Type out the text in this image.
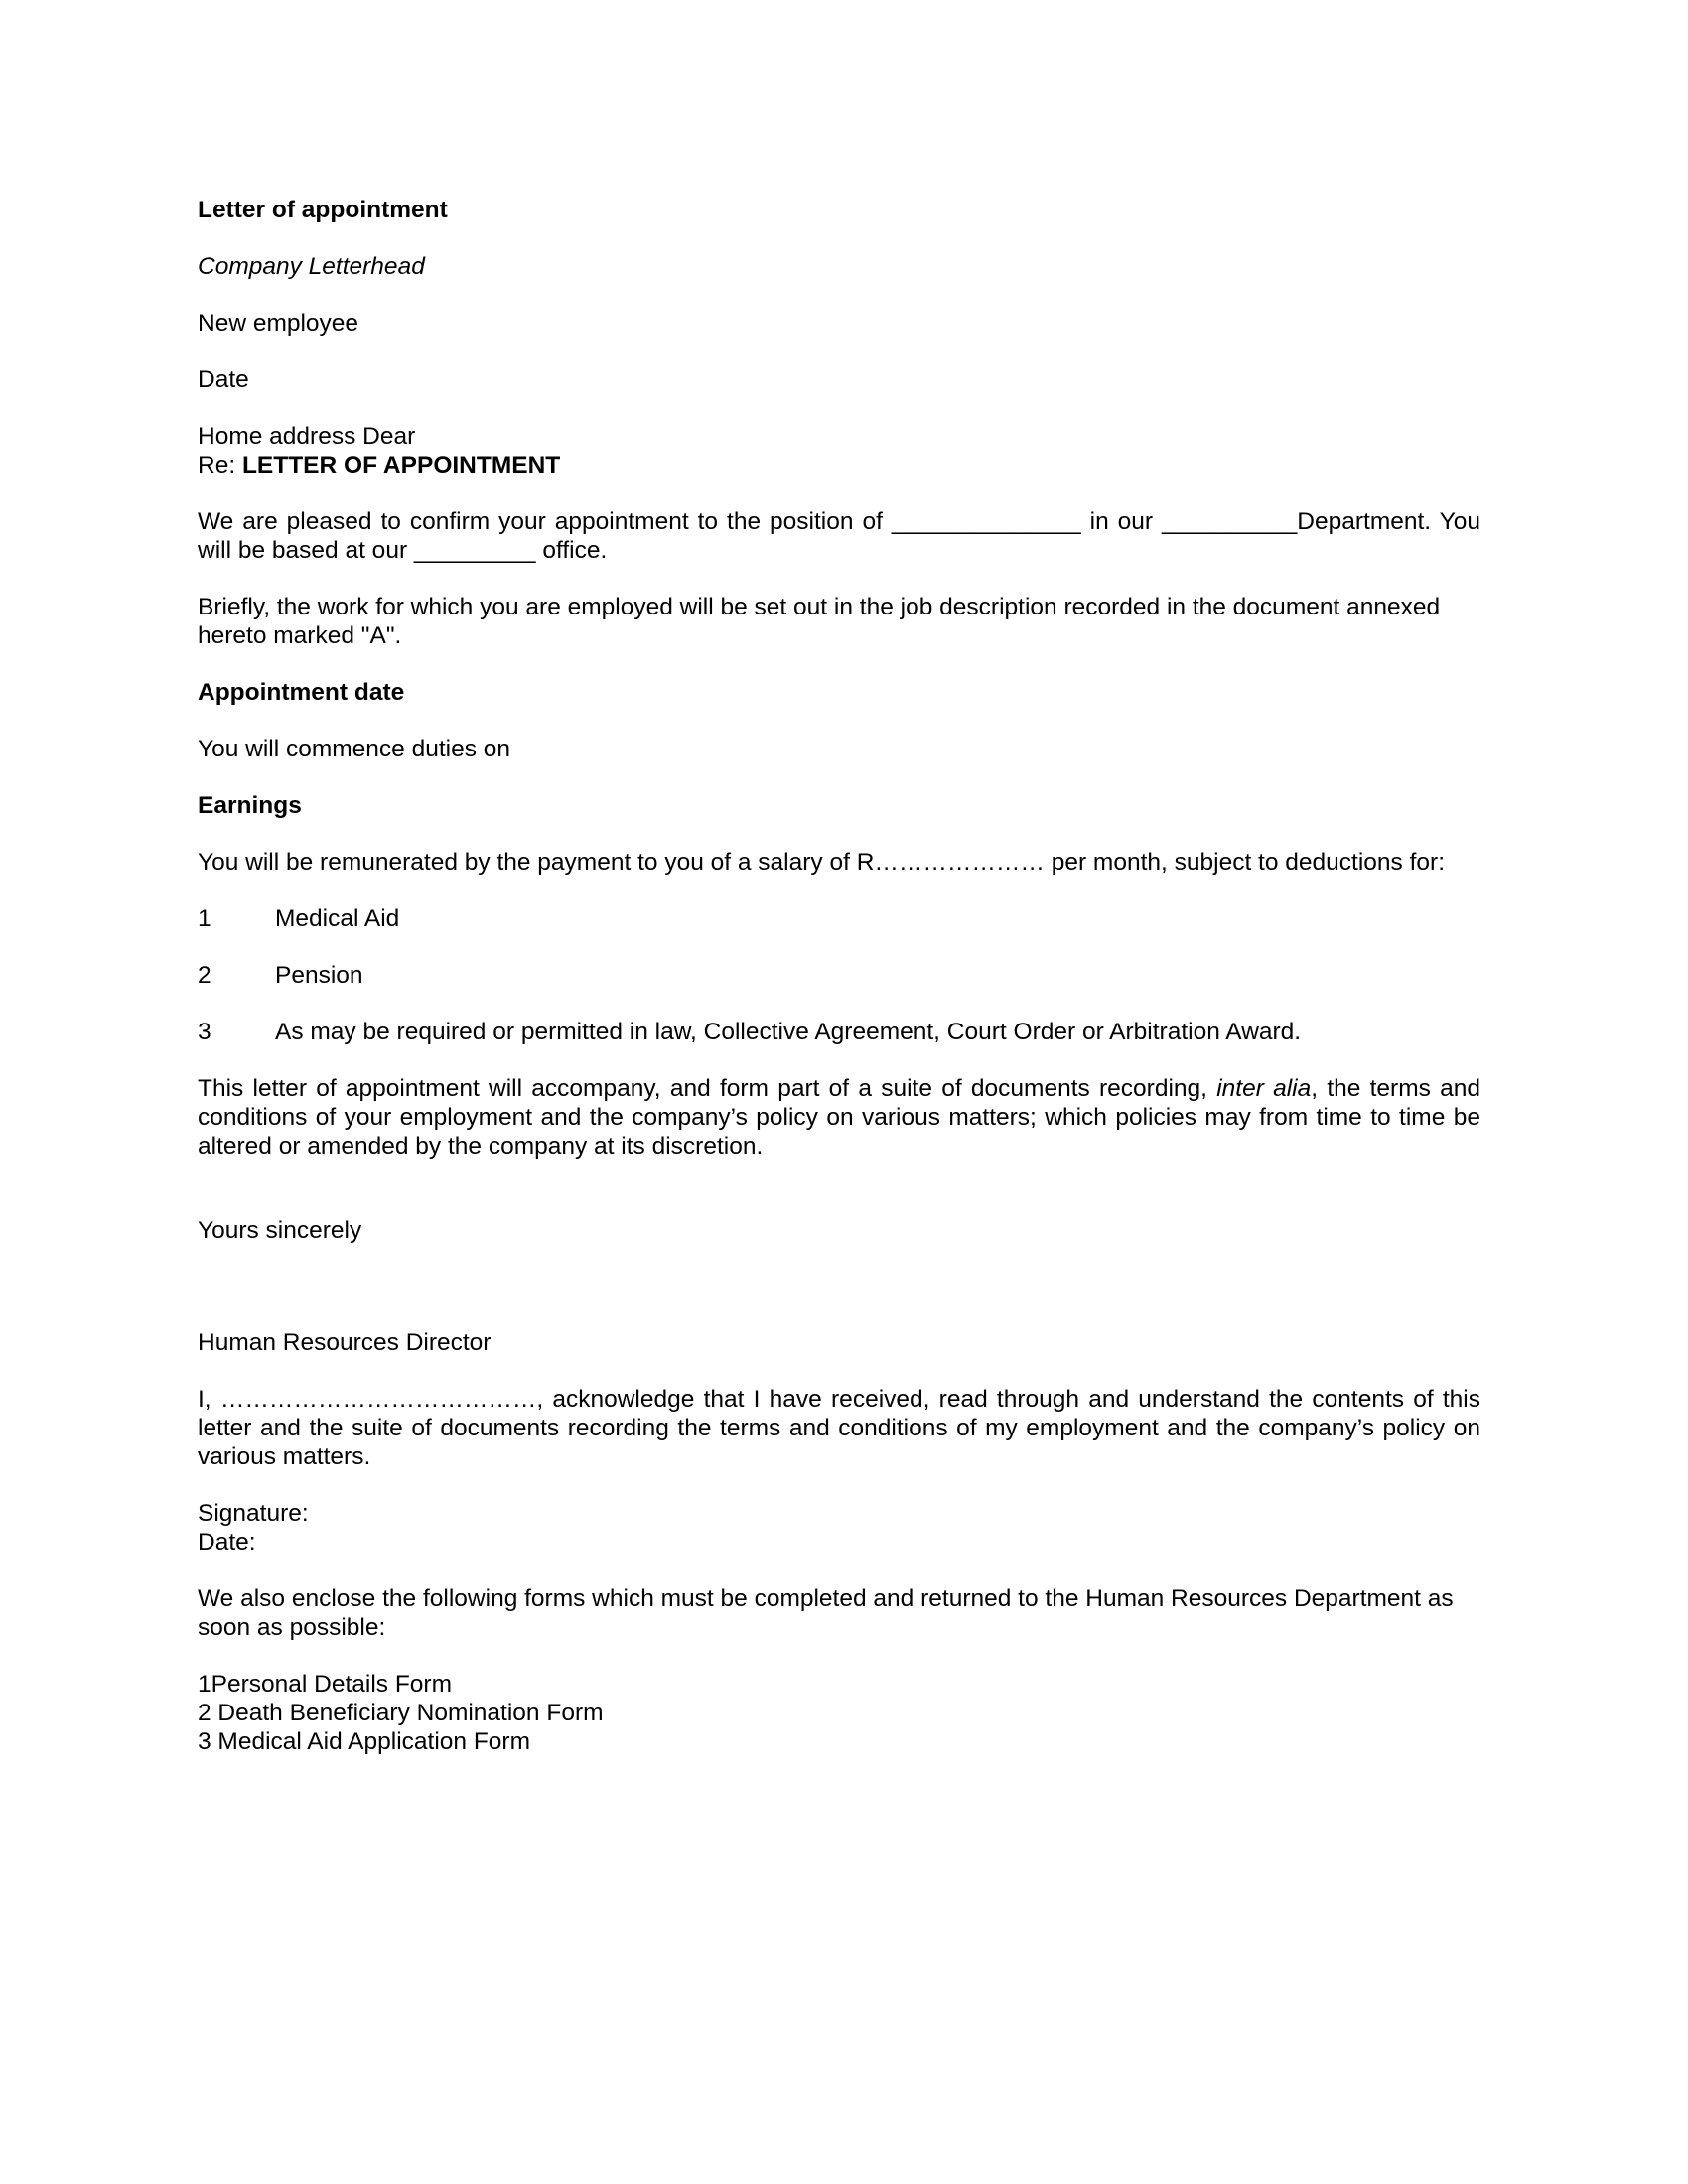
Letter of appointment
Company Letterhead
New employee
Date
Home address Dear
Re: LETTER OF APPOINTMENT

We are pleased to confirm your appointment to the position of ______________ in our __________Department. You will be based at our _________ office.

Briefly, the work for which you are employed will be set out in the job description recorded in the document annexed hereto marked "A".

Appointment date
You will commence duties on
Earnings
You will be remunerated by the payment to you of a salary of R………………… per month, subject to deductions for:
1	Medical Aid
2	Pension
3	As may be required or permitted in law, Collective Agreement, Court Order or Arbitration Award.

This letter of appointment will accompany, and form part of a suite of documents recording, inter alia, the terms and conditions of your employment and the company’s policy on various matters; which policies may from time to time be altered or amended by the company at its discretion.

Yours sincerely
Human Resources Director

I, …………………………………, acknowledge that I have received, read through and understand the contents of this letter and the suite of documents recording the terms and conditions of my employment and the company’s policy on various matters.

Signature:
Date:

We also enclose the following forms which must be completed and returned to the Human Resources Department as soon as possible:

1Personal Details Form
2 Death Beneficiary Nomination Form
3 Medical Aid Application Form
